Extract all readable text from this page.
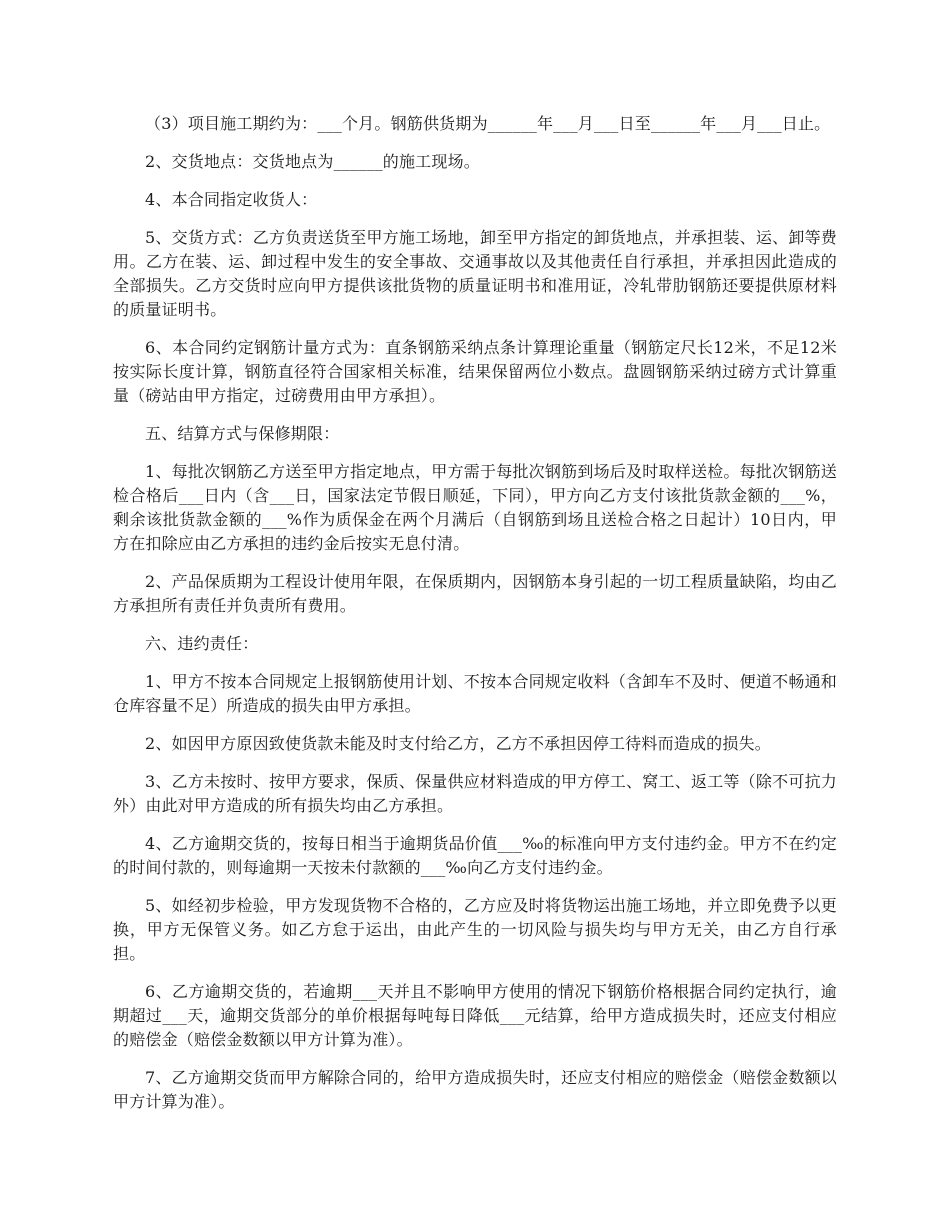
（3）项目施工期约为：___个月。钢筋供货期为______年___月___日至______年___月___日止。

2、交货地点：交货地点为______的施工现场。

4、本合同指定收货人：

5、交货方式：乙方负责送货至甲方施工场地，卸至甲方指定的卸货地点，并承担装、运、卸等费用。乙方在装、运、卸过程中发生的安全事故、交通事故以及其他责任自行承担，并承担因此造成的全部损失。乙方交货时应向甲方提供该批货物的质量证明书和准用证，冷轧带肋钢筋还要提供原材料的质量证明书。

6、本合同约定钢筋计量方式为：直条钢筋采纳点条计算理论重量（钢筋定尺长12米，不足12米按实际长度计算，钢筋直径符合国家相关标准，结果保留两位小数点。盘圆钢筋采纳过磅方式计算重量（磅站由甲方指定，过磅费用由甲方承担）。

五、结算方式与保修期限：

1、每批次钢筋乙方送至甲方指定地点，甲方需于每批次钢筋到场后及时取样送检。每批次钢筋送检合格后___日内（含___日，国家法定节假日顺延，下同），甲方向乙方支付该批货款金额的___%，剩余该批货款金额的___%作为质保金在两个月满后（自钢筋到场且送检合格之日起计）10日内，甲方在扣除应由乙方承担的违约金后按实无息付清。

2、产品保质期为工程设计使用年限，在保质期内，因钢筋本身引起的一切工程质量缺陷，均由乙方承担所有责任并负责所有费用。

六、违约责任：

1、甲方不按本合同规定上报钢筋使用计划、不按本合同规定收料（含卸车不及时、便道不畅通和仓库容量不足）所造成的损失由甲方承担。

2、如因甲方原因致使货款未能及时支付给乙方，乙方不承担因停工待料而造成的损失。

3、乙方未按时、按甲方要求，保质、保量供应材料造成的甲方停工、窝工、返工等（除不可抗力外）由此对甲方造成的所有损失均由乙方承担。

4、乙方逾期交货的，按每日相当于逾期货品价值___‰的标准向甲方支付违约金。甲方不在约定的时间付款的，则每逾期一天按未付款额的___‰向乙方支付违约金。

5、如经初步检验，甲方发现货物不合格的，乙方应及时将货物运出施工场地，并立即免费予以更换，甲方无保管义务。如乙方怠于运出，由此产生的一切风险与损失均与甲方无关，由乙方自行承担。

6、乙方逾期交货的，若逾期___天并且不影响甲方使用的情况下钢筋价格根据合同约定执行，逾期超过___天，逾期交货部分的单价根据每吨每日降低___元结算，给甲方造成损失时，还应支付相应的赔偿金（赔偿金数额以甲方计算为准）。

7、乙方逾期交货而甲方解除合同的，给甲方造成损失时，还应支付相应的赔偿金（赔偿金数额以甲方计算为准）。
